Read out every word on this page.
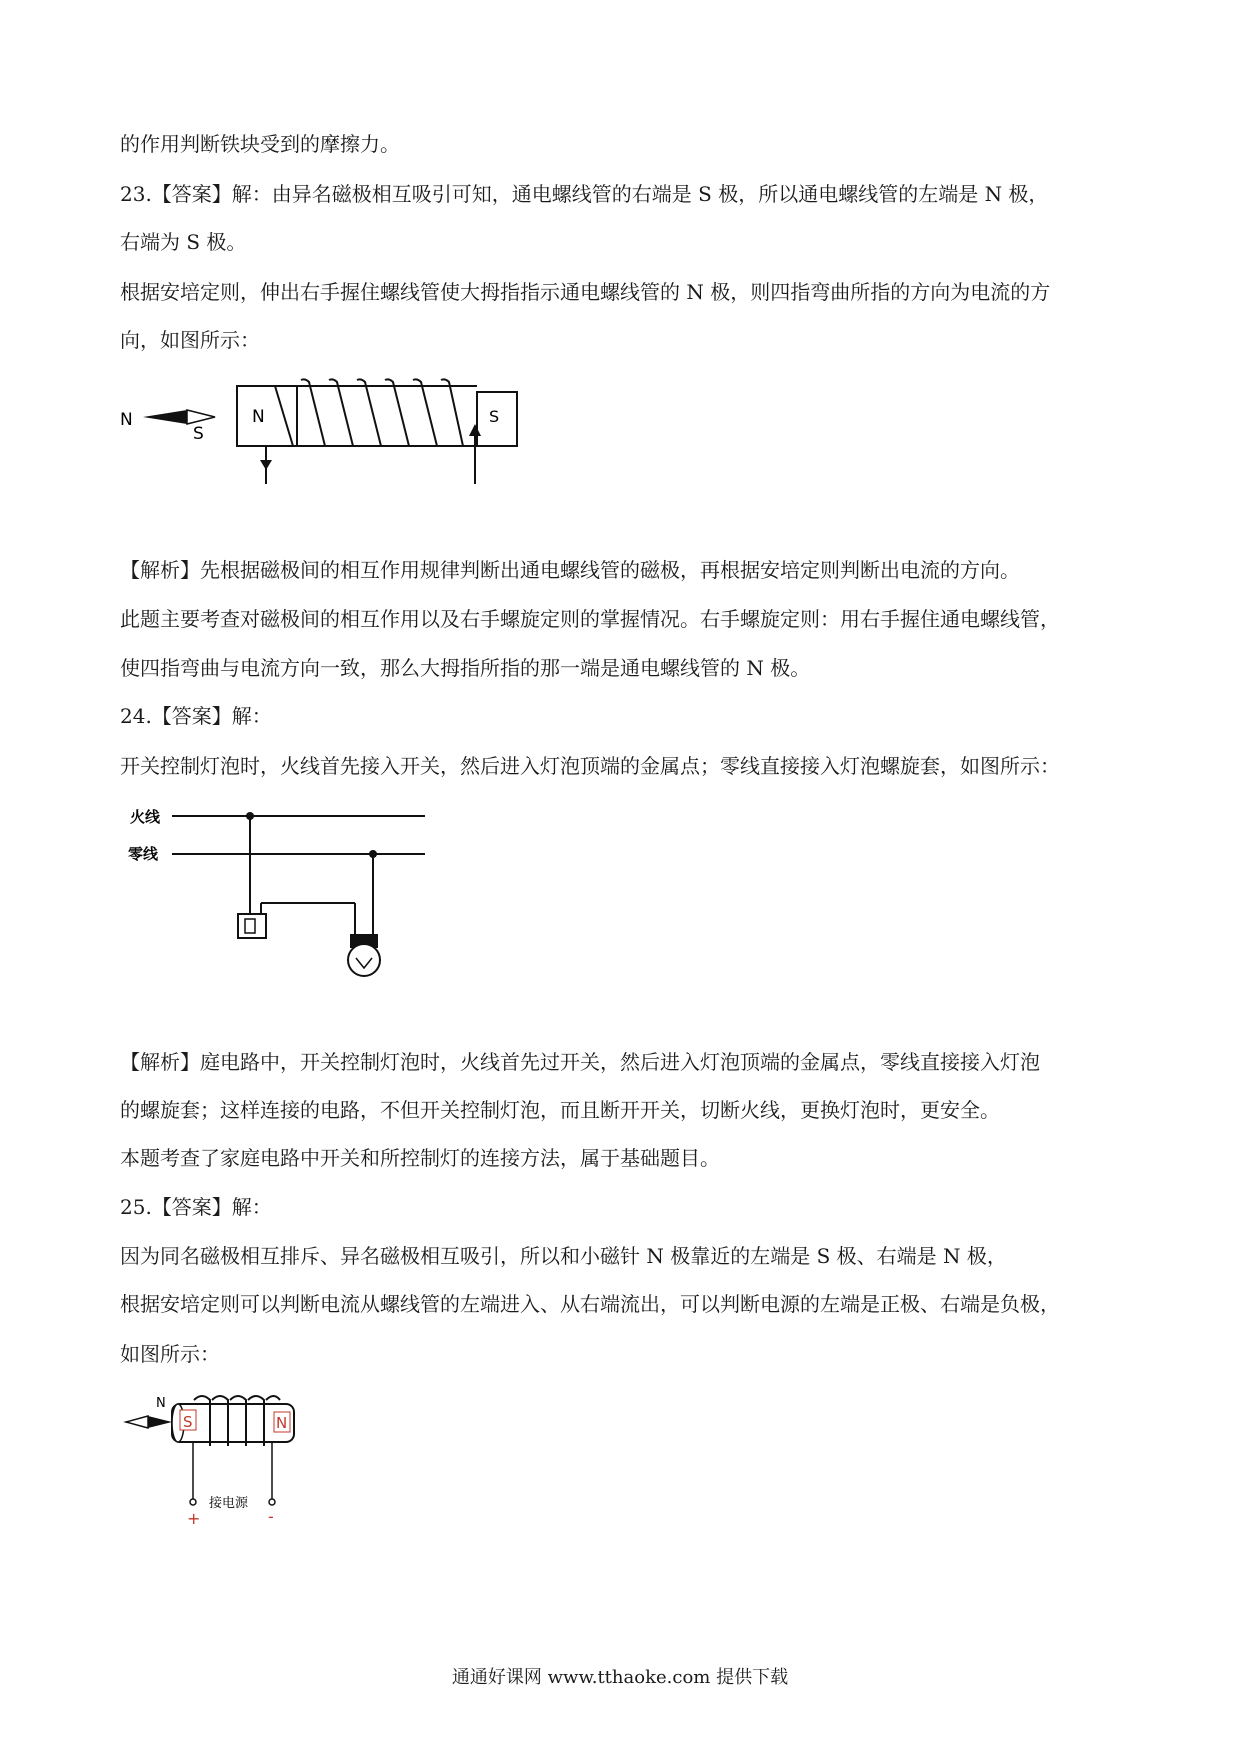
的作用判断铁块受到的摩擦力。
23.【答案】解：由异名磁极相互吸引可知，通电螺线管的右端是 S 极，所以通电螺线管的左端是 N 极，
右端为 S 极。
根据安培定则，伸出右手握住螺线管使大拇指指示通电螺线管的 N 极，则四指弯曲所指的方向为电流的方
向，如图所示：
N
S
N	S
【解析】先根据磁极间的相互作用规律判断出通电螺线管的磁极，再根据安培定则判断出电流的方向。
此题主要考查对磁极间的相互作用以及右手螺旋定则的掌握情况。右手螺旋定则：用右手握住通电螺线管，
使四指弯曲与电流方向一致，那么大拇指所指的那一端是通电螺线管的 N 极。
24.【答案】解：
开关控制灯泡时，火线首先接入开关，然后进入灯泡顶端的金属点；零线直接接入灯泡螺旋套，如图所示：
火线
零线
【解析】庭电路中，开关控制灯泡时，火线首先过开关，然后进入灯泡顶端的金属点，零线直接接入灯泡
的螺旋套；这样连接的电路，不但开关控制灯泡，而且断开开关，切断火线，更换灯泡时，更安全。
本题考查了家庭电路中开关和所控制灯的连接方法，属于基础题目。
25.【答案】解：
因为同名磁极相互排斥、异名磁极相互吸引，所以和小磁针 N 极靠近的左端是 S 极、右端是 N 极，
根据安培定则可以判断电流从螺线管的左端进入、从右端流出，可以判断电源的左端是正极、右端是负极，
如图所示：
N
S	N
接电源
+	-
通通好课网 www.tthaoke.com 提供下载
